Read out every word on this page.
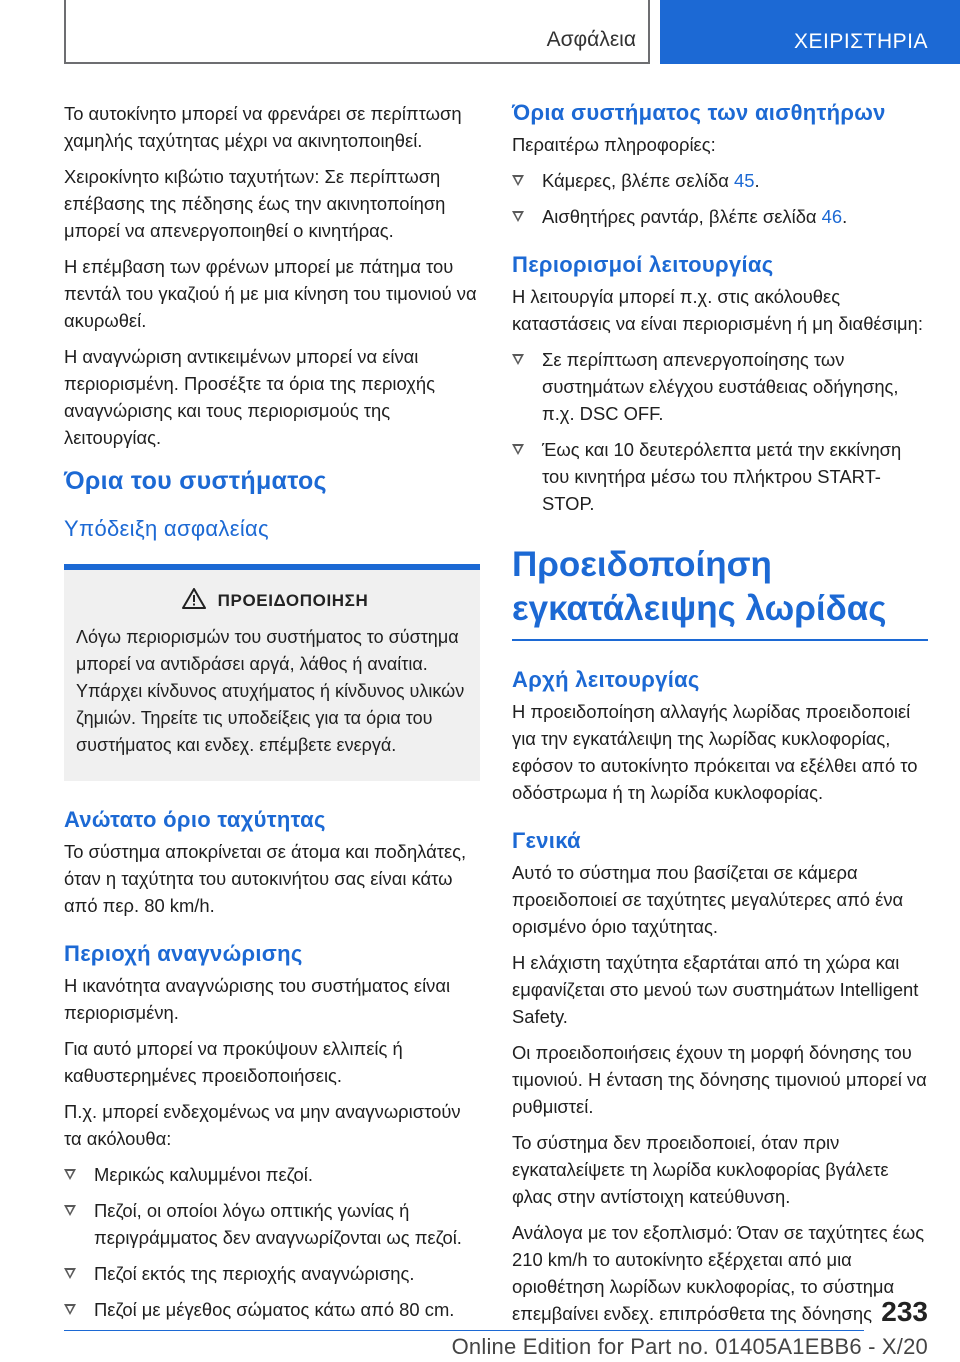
Ασφάλεια	ΧΕΙΡΙΣΤΗΡΙΑ

Το αυτοκίνητο μπορεί να φρενάρει σε περίπτωση χαμηλής ταχύτητας μέχρι να ακινητοποιηθεί.

Χειροκίνητο κιβώτιο ταχυτήτων: Σε περίπτωση επέβασης της πέδησης έως την ακινητοποίηση μπορεί να απενεργοποιηθεί ο κινητήρας.

Η επέμβαση των φρένων μπορεί με πάτημα του πεντάλ του γκαζιού ή με μια κίνηση του τιμονιού να ακυρωθεί.

Η αναγνώριση αντικειμένων μπορεί να είναι περιορισμένη. Προσέξτε τα όρια της περιοχής αναγνώρισης και τους περιορισμούς της λειτουργίας.

Όρια του συστήματος
Υπόδειξη ασφαλείας
ΠΡΟΕΙΔΟΠΟΙΗΣΗ

Λόγω περιορισμών του συστήματος το σύστημα μπορεί να αντιδράσει αργά, λάθος ή αναίτια. Υπάρχει κίνδυνος ατυχήματος ή κίνδυνος υλικών ζημιών. Τηρείτε τις υποδείξεις για τα όρια του συστήματος και ενδεχ. επέμβετε ενεργά.

Ανώτατο όριο ταχύτητας

Το σύστημα αποκρίνεται σε άτομα και ποδηλάτες, όταν η ταχύτητα του αυτοκινήτου σας είναι κάτω από περ. 80 km/h.

Περιοχή αναγνώρισης

Η ικανότητα αναγνώρισης του συστήματος είναι περιορισμένη.

Για αυτό μπορεί να προκύψουν ελλιπείς ή καθυστερημένες προειδοποιήσεις.

Π.χ. μπορεί ενδεχομένως να μην αναγνωριστούν τα ακόλουθα:

Μερικώς καλυμμένοι πεζοί.
Πεζοί, οι οποίοι λόγω οπτικής γωνίας ή περιγράμματος δεν αναγνωρίζονται ως πεζοί.
Πεζοί εκτός της περιοχής αναγνώρισης.
Πεζοί με μέγεθος σώματος κάτω από 80 cm.
Όρια συστήματος των αισθητήρων

Περαιτέρω πληροφορίες:

Κάμερες, βλέπε σελίδα 45.
Αισθητήρες ραντάρ, βλέπε σελίδα 46.
Περιορισμοί λειτουργίας

Η λειτουργία μπορεί π.χ. στις ακόλουθες καταστάσεις να είναι περιορισμένη ή μη διαθέσιμη:

Σε περίπτωση απενεργοποίησης των συστημάτων ελέγχου ευστάθειας οδήγησης, π.χ. DSC OFF.
Έως και 10 δευτερόλεπτα μετά την εκκίνηση του κινητήρα μέσω του πλήκτρου START-STOP.
Προειδοποίηση εγκατάλειψης λωρίδας
Αρχή λειτουργίας

Η προειδοποίηση αλλαγής λωρίδας προειδοποιεί για την εγκατάλειψη της λωρίδας κυκλοφορίας, εφόσον το αυτοκίνητο πρόκειται να εξέλθει από το οδόστρωμα ή τη λωρίδα κυκλοφορίας.

Γενικά

Αυτό το σύστημα που βασίζεται σε κάμερα προειδοποιεί σε ταχύτητες μεγαλύτερες από ένα ορισμένο όριο ταχύτητας.

Η ελάχιστη ταχύτητα εξαρτάται από τη χώρα και εμφανίζεται στο μενού των συστημάτων Intelligent Safety.

Οι προειδοποιήσεις έχουν τη μορφή δόνησης του τιμονιού. Η ένταση της δόνησης τιμονιού μπορεί να ρυθμιστεί.

Το σύστημα δεν προειδοποιεί, όταν πριν εγκαταλείψετε τη λωρίδα κυκλοφορίας βγάλετε φλας στην αντίστοιχη κατεύθυνση.

Ανάλογα με τον εξοπλισμό: Όταν σε ταχύτητες έως 210 km/h το αυτοκίνητο εξέρχεται από μια οριοθέτηση λωρίδων κυκλοφορίας, το σύστημα επεμβαίνει ενδεχ. επιπρόσθετα της δόνησης 233
Online Edition for Part no. 01405A1EBB6 - X/20
